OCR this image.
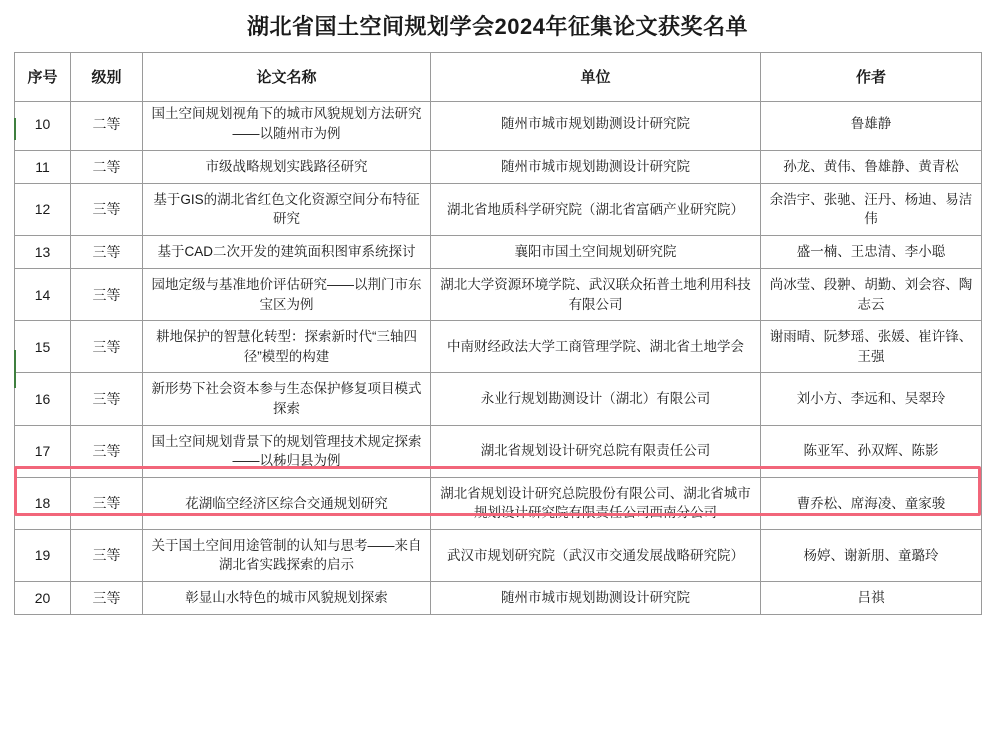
湖北省国土空间规划学会2024年征集论文获奖名单
序号	级别	论文名称	单位	作者
10	二等	国土空间规划视角下的城市风貌规划方法研究——以随州市为例	随州市城市规划勘测设计研究院	鲁雄静
11	二等	市级战略规划实践路径研究	随州市城市规划勘测设计研究院	孙龙、黄伟、鲁雄静、黄青松
12	三等	基于GIS的湖北省红色文化资源空间分布特征研究	湖北省地质科学研究院（湖北省富硒产业研究院）	余浩宇、张驰、汪丹、杨迪、易洁伟
13	三等	基于CAD二次开发的建筑面积图审系统探讨	襄阳市国土空间规划研究院	盛一楠、王忠清、李小聪
14	三等	园地定级与基准地价评估研究——以荆门市东宝区为例	湖北大学资源环境学院、武汉联众拓普土地利用科技有限公司	尚冰莹、段翀、胡勤、刘会容、陶志云
15	三等	耕地保护的智慧化转型：探索新时代“三轴四径”模型的构建	中南财经政法大学工商管理学院、湖北省土地学会	谢雨晴、阮梦瑶、张媛、崔许锋、王强
16	三等	新形势下社会资本参与生态保护修复项目模式探索	永业行规划勘测设计（湖北）有限公司	刘小方、李远和、吴翠玲
17	三等	国土空间规划背景下的规划管理技术规定探索——以秭归县为例	湖北省规划设计研究总院有限责任公司	陈亚军、孙双辉、陈影
18	三等	花湖临空经济区综合交通规划研究	湖北省规划设计研究总院股份有限公司、湖北省城市规划设计研究院有限责任公司西南分公司	曹乔松、席海凌、童家骏
19	三等	关于国土空间用途管制的认知与思考——来自湖北省实践探索的启示	武汉市规划研究院（武汉市交通发展战略研究院）	杨婷、谢新朋、童璐玲
20	三等	彰显山水特色的城市风貌规划探索	随州市城市规划勘测设计研究院	吕祺
